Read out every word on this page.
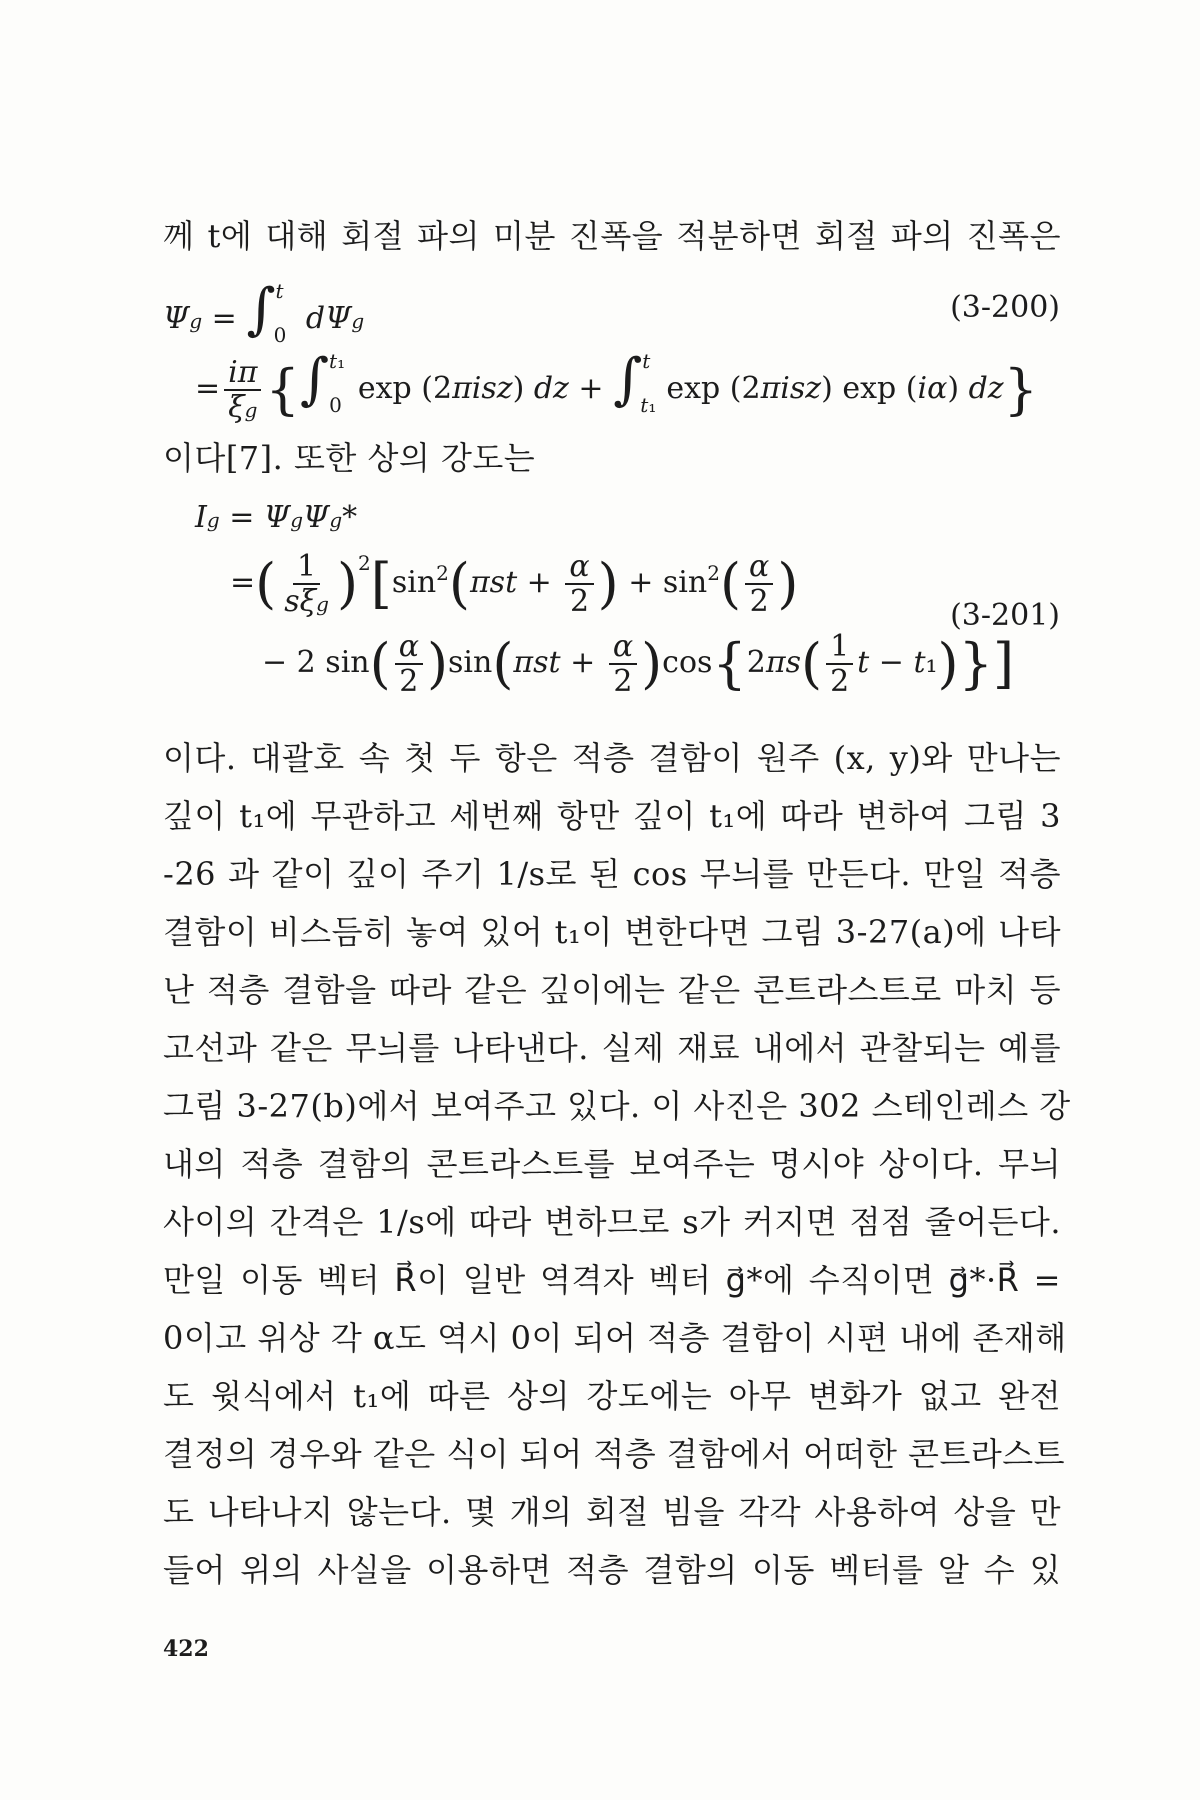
께 t에 대해 회절 파의 미분 진폭을 적분하면 회절 파의 진폭은
Ψg = ∫$^t_0$ dΨg	(3-200)
= $\frac{i\pi}{\xi g} \{\int^{t_1}_0$ exp (2πisz) dz + ∫$^t_{t_1}$ exp (2πisz) exp (iα) dz}
이다[7]. 또한 상의 강도는
Ig = ΨgΨg*
=( $\frac{1}{\text{sξg}} )^2[\sin^2(\pi st + \frac{\alpha}{2}$ ) + $\sin^2( \frac{\alpha}{2}$ )
(3-201)
− 2 $\sin( \frac{\alpha}{2} )\sin(\pi st + \frac{\alpha}{2} )\cos\{2\pi s( \frac{1}{2}$ t − t₁)}]
이다. 대괄호 속 첫 두 항은 적층 결함이 원주 (x, y)와 만나는
깊이 t₁에 무관하고 세번째 항만 깊이 t₁에 따라 변하여 그림 3
-26 과 같이 깊이 주기 1/s로 된 cos 무늬를 만든다. 만일 적층
결함이 비스듬히 놓여 있어 t₁이 변한다면 그림 3-27(a)에 나타
난 적층 결함을 따라 같은 깊이에는 같은 콘트라스트로 마치 등
고선과 같은 무늬를 나타낸다. 실제 재료 내에서 관찰되는 예를
그림 3-27(b)에서 보여주고 있다. 이 사진은 302 스테인레스 강
내의 적층 결함의 콘트라스트를 보여주는 명시야 상이다. 무늬
사이의 간격은 1/s에 따라 변하므로 s가 커지면 점점 줄어든다.
만일 이동 벡터 R⃗이 일반 역격자 벡터 g⃗*에 수직이면 g⃗*·R⃗ =
0이고 위상 각 α도 역시 0이 되어 적층 결함이 시편 내에 존재해
도 윗식에서 t₁에 따른 상의 강도에는 아무 변화가 없고 완전
결정의 경우와 같은 식이 되어 적층 결함에서 어떠한 콘트라스트
도 나타나지 않는다. 몇 개의 회절 빔을 각각 사용하여 상을 만
들어 위의 사실을 이용하면 적층 결함의 이동 벡터를 알 수 있
422
